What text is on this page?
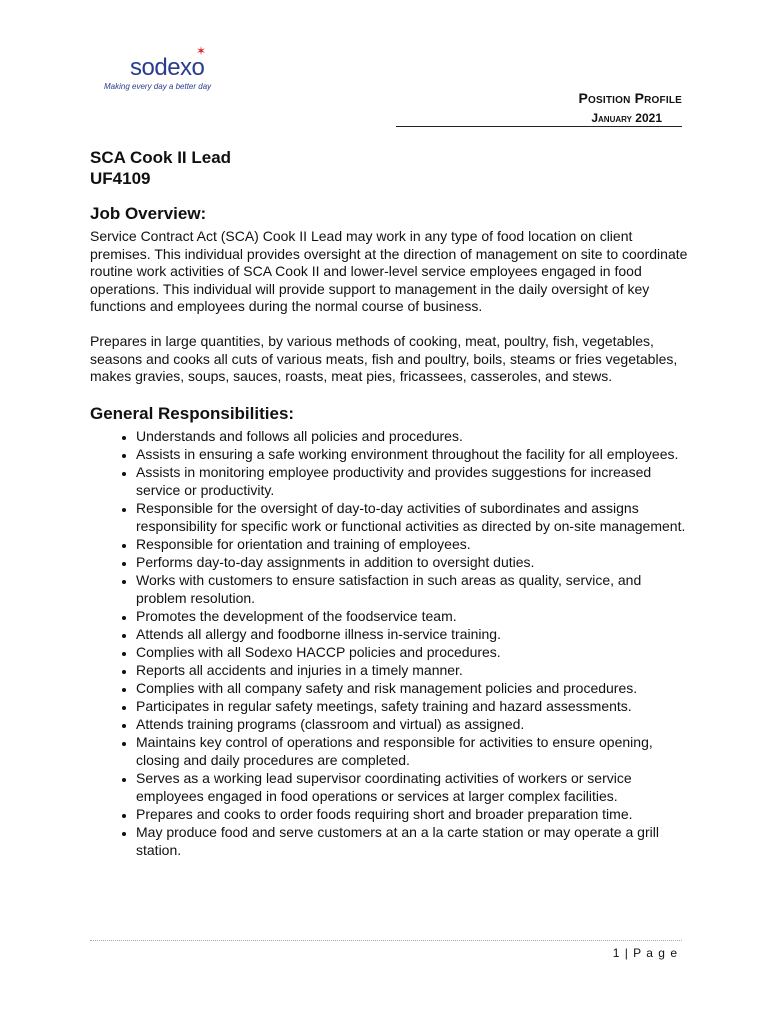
✶
sodexo
Making every day a better day
Position Profile
January 2021
SCA Cook II Lead
UF4109
Job Overview:

Service Contract Act (SCA) Cook II Lead may work in any type of food location on client premises. This individual provides oversight at the direction of management on site to coordinate routine work activities of SCA Cook II and lower-level service employees engaged in food operations. This individual will provide support to management in the daily oversight of key functions and employees during the normal course of business.

Prepares in large quantities, by various methods of cooking, meat, poultry, fish, vegetables, seasons and cooks all cuts of various meats, fish and poultry, boils, steams or fries vegetables, makes gravies, soups, sauces, roasts, meat pies, fricassees, casseroles, and stews.

General Responsibilities:
• Understands and follows all policies and procedures.
• Assists in ensuring a safe working environment throughout the facility for all employees.
• Assists in monitoring employee productivity and provides suggestions for increased service or productivity.
• Responsible for the oversight of day-to-day activities of subordinates and assigns responsibility for specific work or functional activities as directed by on-site management.
• Responsible for orientation and training of employees.
• Performs day-to-day assignments in addition to oversight duties.
• Works with customers to ensure satisfaction in such areas as quality, service, and problem resolution.
• Promotes the development of the foodservice team.
• Attends all allergy and foodborne illness in-service training.
• Complies with all Sodexo HACCP policies and procedures.
• Reports all accidents and injuries in a timely manner.
• Complies with all company safety and risk management policies and procedures.
• Participates in regular safety meetings, safety training and hazard assessments.
• Attends training programs (classroom and virtual) as assigned.
• Maintains key control of operations and responsible for activities to ensure opening, closing and daily procedures are completed.
• Serves as a working lead supervisor coordinating activities of workers or service employees engaged in food operations or services at larger complex facilities.
• Prepares and cooks to order foods requiring short and broader preparation time.
• May produce food and serve customers at an a la carte station or may operate a grill station.
1 | P a g e
